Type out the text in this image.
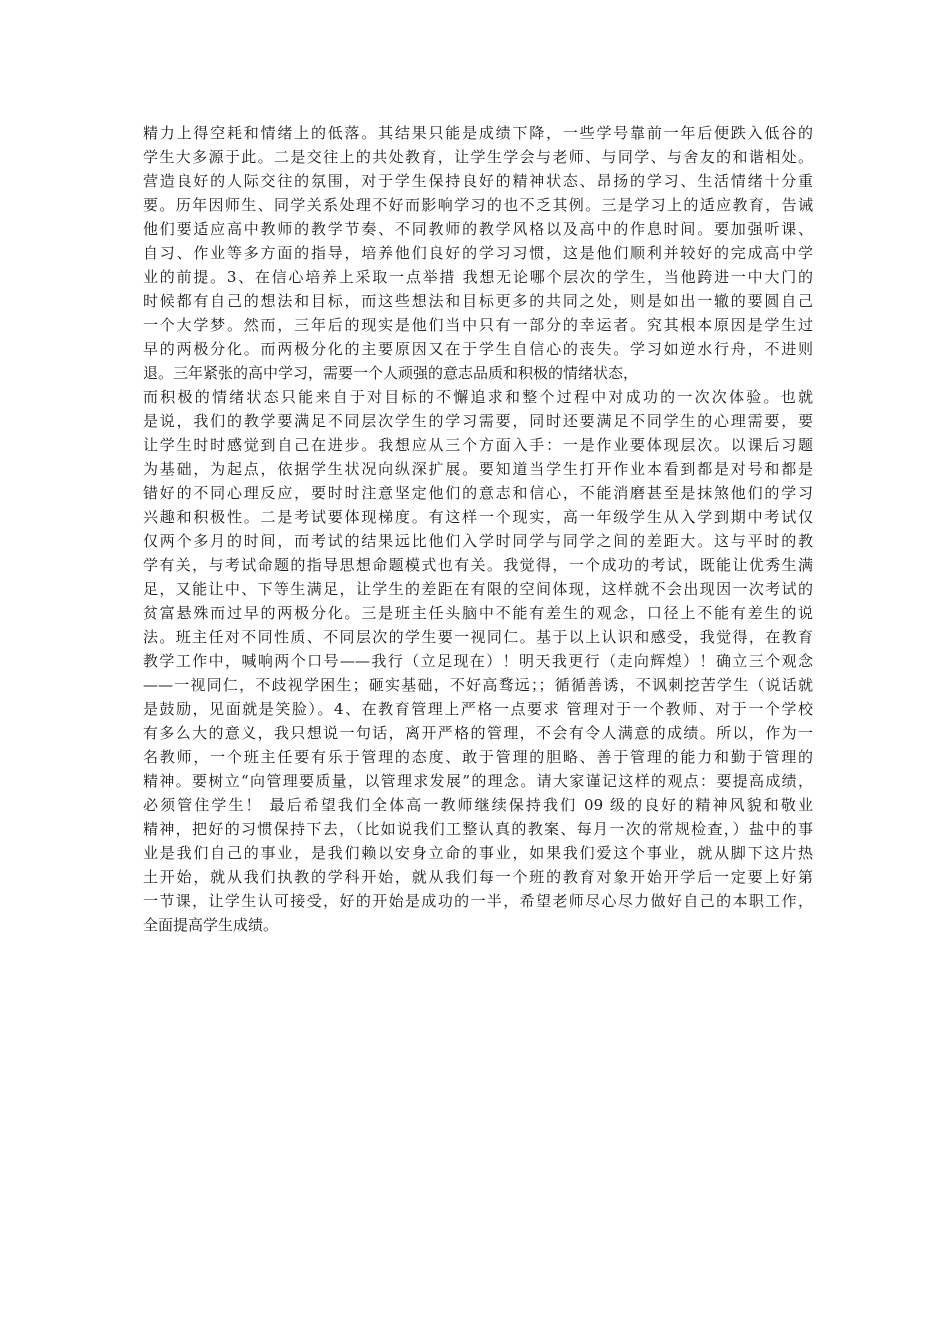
精力上得空耗和情绪上的低落。其结果只能是成绩下降，一些学号靠前一年后便跌入低谷的
学生大多源于此。二是交往上的共处教育，让学生学会与老师、与同学、与舍友的和谐相处。
营造良好的人际交往的氛围，对于学生保持良好的精神状态、昂扬的学习、生活情绪十分重
要。历年因师生、同学关系处理不好而影响学习的也不乏其例。三是学习上的适应教育，告诫
他们要适应高中教师的教学节奏、不同教师的教学风格以及高中的作息时间。要加强听课、
自习、作业等多方面的指导，培养他们良好的学习习惯，这是他们顺利并较好的完成高中学
业的前提。3、在信心培养上采取一点举措 我想无论哪个层次的学生，当他跨进一中大门的
时候都有自己的想法和目标，而这些想法和目标更多的共同之处，则是如出一辙的要圆自己
一个大学梦。然而，三年后的现实是他们当中只有一部分的幸运者。究其根本原因是学生过
早的两极分化。而两极分化的主要原因又在于学生自信心的丧失。学习如逆水行舟，不进则
退。三年紧张的高中学习，需要一个人顽强的意志品质和积极的情绪状态，
而积极的情绪状态只能来自于对目标的不懈追求和整个过程中对成功的一次次体验。也就
是说，我们的教学要满足不同层次学生的学习需要，同时还要满足不同学生的心理需要，要
让学生时时感觉到自己在进步。我想应从三个方面入手：一是作业要体现层次。以课后习题
为基础，为起点，依据学生状况向纵深扩展。要知道当学生打开作业本看到都是对号和都是
错好的不同心理反应，要时时注意坚定他们的意志和信心，不能消磨甚至是抹煞他们的学习
兴趣和积极性。二是考试要体现梯度。有这样一个现实，高一年级学生从入学到期中考试仅
仅两个多月的时间，而考试的结果远比他们入学时同学与同学之间的差距大。这与平时的教
学有关，与考试命题的指导思想命题模式也有关。我觉得，一个成功的考试，既能让优秀生满
足，又能让中、下等生满足，让学生的差距在有限的空间体现，这样就不会出现因一次考试的
贫富悬殊而过早的两极分化。三是班主任头脑中不能有差生的观念，口径上不能有差生的说
法。班主任对不同性质、不同层次的学生要一视同仁。基于以上认识和感受，我觉得，在教育
教学工作中，喊响两个口号——我行（立足现在）！明天我更行（走向辉煌）！确立三个观念
——一视同仁，不歧视学困生；砸实基础，不好高骛远；；循循善诱，不讽刺挖苦学生（说话就
是鼓励，见面就是笑脸）。4、在教育管理上严格一点要求 管理对于一个教师、对于一个学校
有多么大的意义，我只想说一句话，离开严格的管理，不会有令人满意的成绩。所以，作为一
名教师，一个班主任要有乐于管理的态度、敢于管理的胆略、善于管理的能力和勤于管理的
精神。要树立“向管理要质量，以管理求发展”的理念。请大家谨记这样的观点：要提高成绩，
必须管住学生！ 最后希望我们全体高一教师继续保持我们 09 级的良好的精神风貌和敬业
精神，把好的习惯保持下去，（比如说我们工整认真的教案、每月一次的常规检查，）盐中的事
业是我们自己的事业，是我们赖以安身立命的事业，如果我们爱这个事业，就从脚下这片热
土开始，就从我们执教的学科开始，就从我们每一个班的教育对象开始开学后一定要上好第
一节课，让学生认可接受，好的开始是成功的一半，希望老师尽心尽力做好自己的本职工作，
全面提高学生成绩。
